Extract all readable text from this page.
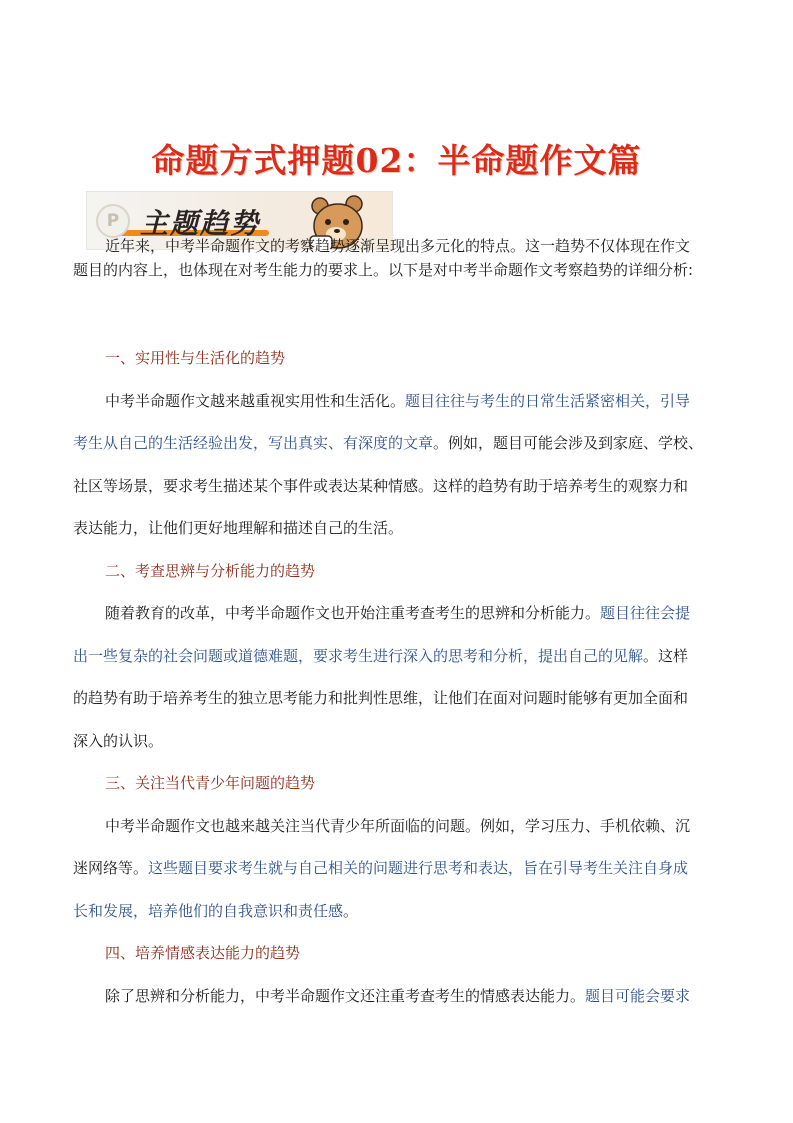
命题方式押题02：半命题作文篇
P 主题趋势

近年来，中考半命题作文的考察趋势逐渐呈现出多元化的特点。这一趋势不仅体现在作文
题目的内容上，也体现在对考生能力的要求上。以下是对中考半命题作文考察趋势的详细分析:

一、实用性与生活化的趋势

中考半命题作文越来越重视实用性和生活化。题目往往与考生的日常生活紧密相关，引导

考生从自己的生活经验出发，写出真实、有深度的文章。例如，题目可能会涉及到家庭、学校、

社区等场景，要求考生描述某个事件或表达某种情感。这样的趋势有助于培养考生的观察力和

表达能力，让他们更好地理解和描述自己的生活。

二、考查思辨与分析能力的趋势

随着教育的改革，中考半命题作文也开始注重考查考生的思辨和分析能力。题目往往会提

出一些复杂的社会问题或道德难题，要求考生进行深入的思考和分析，提出自己的见解。这样

的趋势有助于培养考生的独立思考能力和批判性思维，让他们在面对问题时能够有更加全面和

深入的认识。

三、关注当代青少年问题的趋势

中考半命题作文也越来越关注当代青少年所面临的问题。例如，学习压力、手机依赖、沉

迷网络等。这些题目要求考生就与自己相关的问题进行思考和表达，旨在引导考生关注自身成

长和发展，培养他们的自我意识和责任感。

四、培养情感表达能力的趋势

除了思辨和分析能力，中考半命题作文还注重考查考生的情感表达能力。题目可能会要求
